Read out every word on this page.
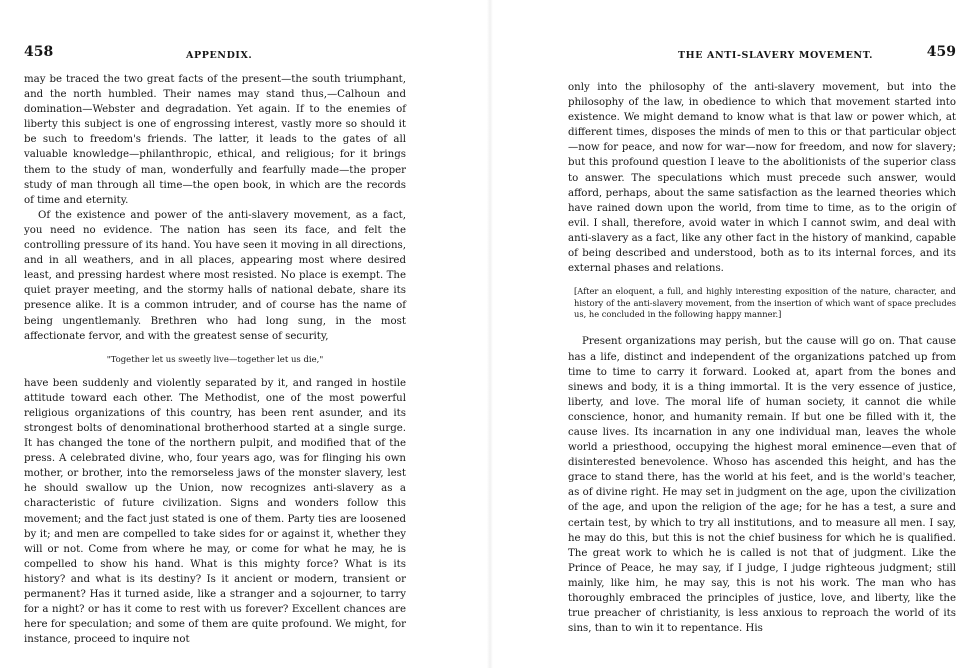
458	APPENDIX.

may be traced the two great facts of the present—the south triumphant, and the north humbled. Their names may stand thus,—Calhoun and domination—Webster and degradation. Yet again. If to the enemies of liberty this subject is one of engrossing interest, vastly more so should it be such to freedom's friends. The latter, it leads to the gates of all valuable knowledge—philanthropic, ethical, and religious; for it brings them to the study of man, wonderfully and fearfully made—the proper study of man through all time—the open book, in which are the records of time and eternity.

Of the existence and power of the anti-slavery movement, as a fact, you need no evidence. The nation has seen its face, and felt the controlling pressure of its hand. You have seen it moving in all directions, and in all weathers, and in all places, appearing most where desired least, and pressing hardest where most resisted. No place is exempt. The quiet prayer meeting, and the stormy halls of national debate, share its presence alike. It is a common intruder, and of course has the name of being ungentlemanly. Brethren who had long sung, in the most affectionate fervor, and with the greatest sense of security,

"Together let us sweetly live—together let us die,"

have been suddenly and violently separated by it, and ranged in hostile attitude toward each other. The Methodist, one of the most powerful religious organizations of this country, has been rent asunder, and its strongest bolts of denominational brotherhood started at a single surge. It has changed the tone of the northern pulpit, and modified that of the press. A celebrated divine, who, four years ago, was for flinging his own mother, or brother, into the remorseless jaws of the monster slavery, lest he should swallow up the Union, now recognizes anti-slavery as a characteristic of future civilization. Signs and wonders follow this movement; and the fact just stated is one of them. Party ties are loosened by it; and men are compelled to take sides for or against it, whether they will or not. Come from where he may, or come for what he may, he is compelled to show his hand. What is this mighty force? What is its history? and what is its destiny? Is it ancient or modern, transient or permanent? Has it turned aside, like a stranger and a sojourner, to tarry for a night? or has it come to rest with us forever? Excellent chances are here for speculation; and some of them are quite profound. We might, for instance, proceed to inquire not

THE ANTI-SLAVERY MOVEMENT.	459

only into the philosophy of the anti-slavery movement, but into the philosophy of the law, in obedience to which that movement started into existence. We might demand to know what is that law or power which, at different times, disposes the minds of men to this or that particular object—now for peace, and now for war—now for freedom, and now for slavery; but this profound question I leave to the abolitionists of the superior class to answer. The speculations which must precede such answer, would afford, perhaps, about the same satisfaction as the learned theories which have rained down upon the world, from time to time, as to the origin of evil. I shall, therefore, avoid water in which I cannot swim, and deal with anti-slavery as a fact, like any other fact in the history of mankind, capable of being described and understood, both as to its internal forces, and its external phases and relations.

[After an eloquent, a full, and highly interesting exposition of the nature, character, and history of the anti-slavery movement, from the insertion of which want of space precludes us, he concluded in the following happy manner.]

Present organizations may perish, but the cause will go on. That cause has a life, distinct and independent of the organizations patched up from time to time to carry it forward. Looked at, apart from the bones and sinews and body, it is a thing immortal. It is the very essence of justice, liberty, and love. The moral life of human society, it cannot die while conscience, honor, and humanity remain. If but one be filled with it, the cause lives. Its incarnation in any one individual man, leaves the whole world a priesthood, occupying the highest moral eminence—even that of disinterested benevolence. Whoso has ascended this height, and has the grace to stand there, has the world at his feet, and is the world's teacher, as of divine right. He may set in judgment on the age, upon the civilization of the age, and upon the religion of the age; for he has a test, a sure and certain test, by which to try all institutions, and to measure all men. I say, he may do this, but this is not the chief business for which he is qualified. The great work to which he is called is not that of judgment. Like the Prince of Peace, he may say, if I judge, I judge righteous judgment; still mainly, like him, he may say, this is not his work. The man who has thoroughly embraced the principles of justice, love, and liberty, like the true preacher of christianity, is less anxious to reproach the world of its sins, than to win it to repentance. His
